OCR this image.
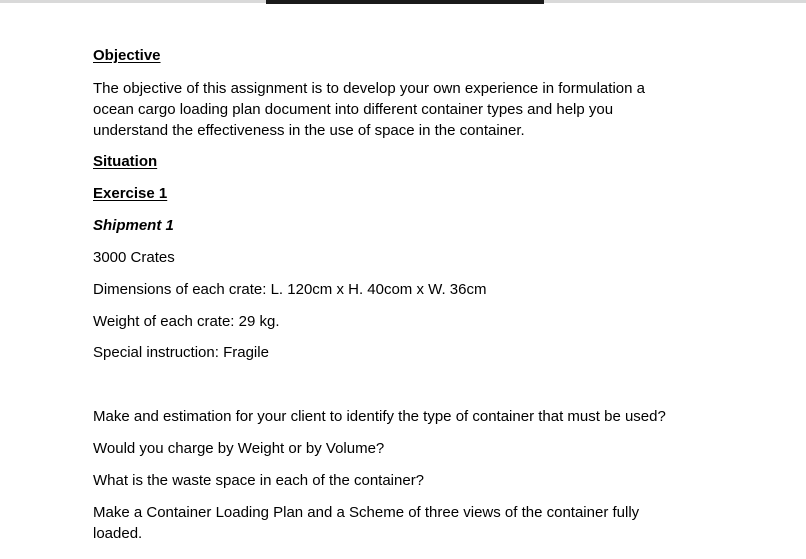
Objective

The objective of this assignment is to develop your own experience in formulation a
ocean cargo loading plan document into different container types and help you
understand the effectiveness in the use of space in the container.

Situation

Exercise 1

Shipment 1

3000 Crates

Dimensions of each crate: L. 120cm x H. 40com x W. 36cm

Weight of each crate: 29 kg.

Special instruction: Fragile

Make and estimation for your client to identify the type of container that must be used?

Would you charge by Weight or by Volume?

What is the waste space in each of the container?

Make a Container Loading Plan and a Scheme of three views of the container fully
loaded.
